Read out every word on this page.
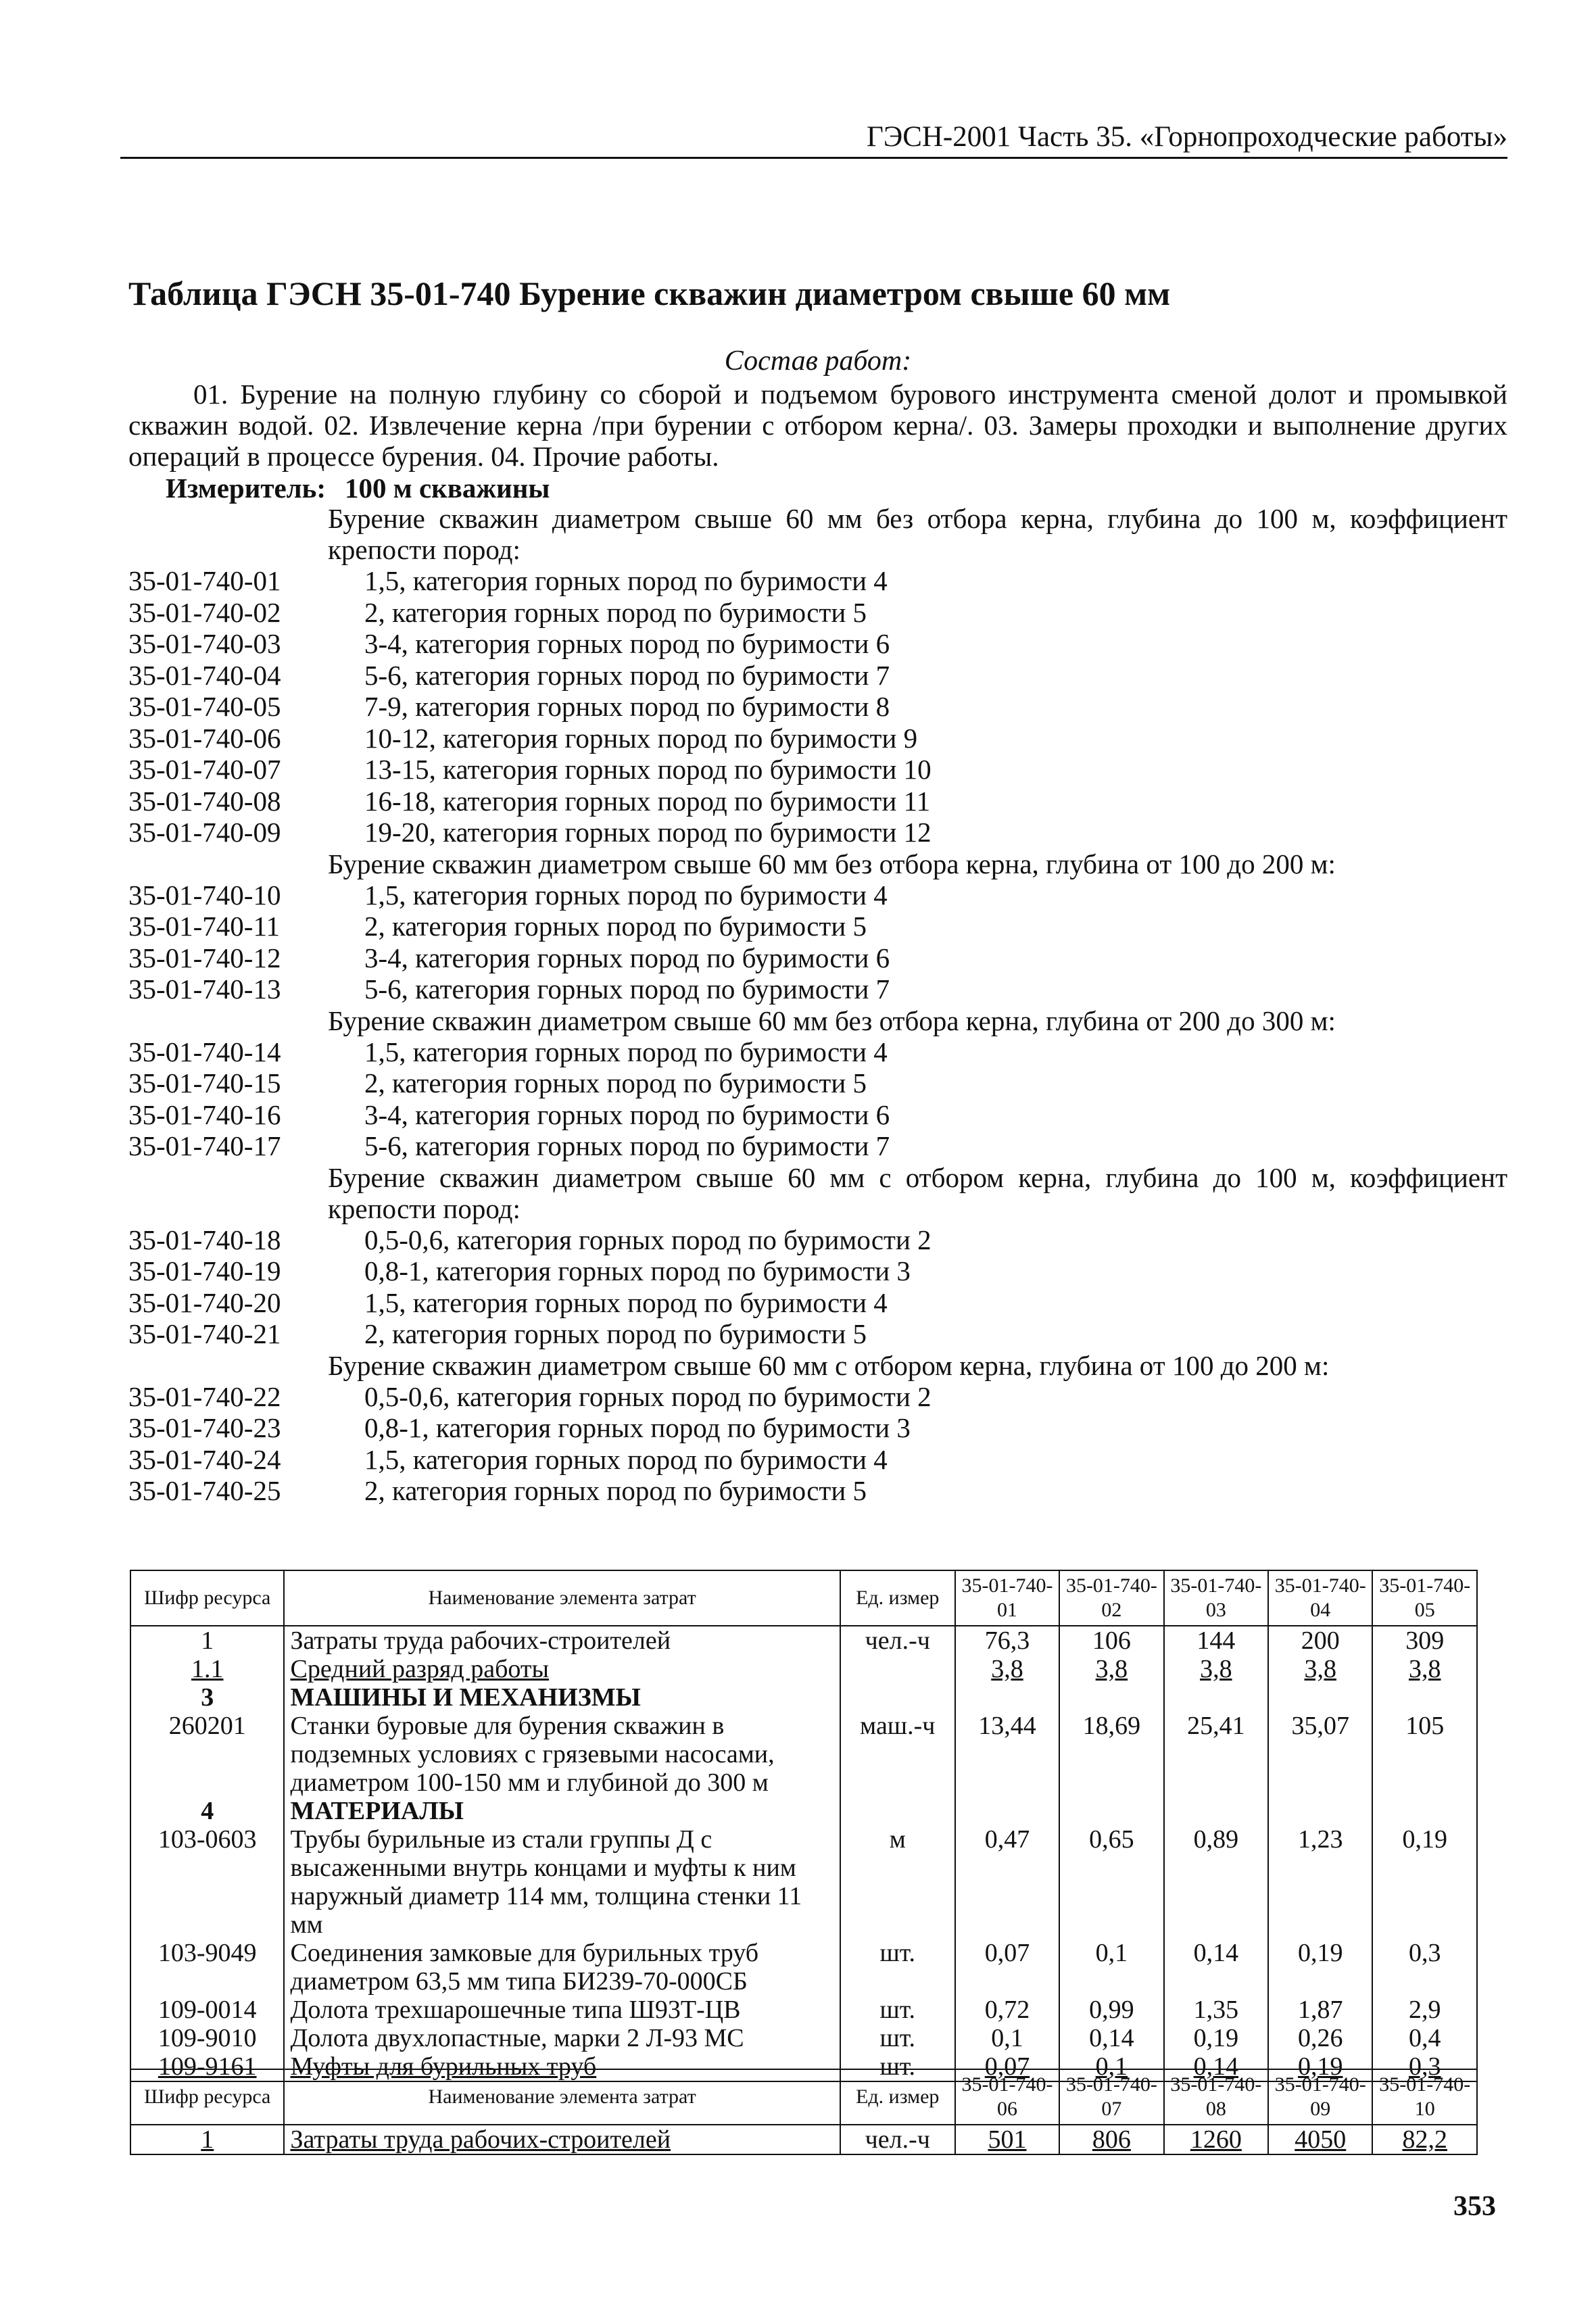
ГЭСН-2001 Часть 35. «Горнопроходческие работы»
Таблица ГЭСН 35-01-740 Бурение скважин диаметром свыше 60 мм
Состав работ:
01. Бурение на полную глубину со сборой и подъемом бурового инструмента сменой долот и промывкой скважин водой. 02. Извлечение керна /при бурении с отбором керна/. 03. Замеры проходки и выполнение других операций в процессе бурения. 04. Прочие работы.
Измеритель: 100 м скважины
Бурение скважин диаметром свыше 60 мм без отбора керна, глубина до 100 м, коэффициент крепости пород:
35-01-740-01	1,5, категория горных пород по буримости 4
35-01-740-02	2, категория горных пород по буримости 5
35-01-740-03	3-4, категория горных пород по буримости 6
35-01-740-04	5-6, категория горных пород по буримости 7
35-01-740-05	7-9, категория горных пород по буримости 8
35-01-740-06	10-12, категория горных пород по буримости 9
35-01-740-07	13-15, категория горных пород по буримости 10
35-01-740-08	16-18, категория горных пород по буримости 11
35-01-740-09	19-20, категория горных пород по буримости 12
Бурение скважин диаметром свыше 60 мм без отбора керна, глубина от 100 до 200 м:
35-01-740-10	1,5, категория горных пород по буримости 4
35-01-740-11	2, категория горных пород по буримости 5
35-01-740-12	3-4, категория горных пород по буримости 6
35-01-740-13	5-6, категория горных пород по буримости 7
Бурение скважин диаметром свыше 60 мм без отбора керна, глубина от 200 до 300 м:
35-01-740-14	1,5, категория горных пород по буримости 4
35-01-740-15	2, категория горных пород по буримости 5
35-01-740-16	3-4, категория горных пород по буримости 6
35-01-740-17	5-6, категория горных пород по буримости 7
Бурение скважин диаметром свыше 60 мм с отбором керна, глубина до 100 м, коэффициент крепости пород:
35-01-740-18	0,5-0,6, категория горных пород по буримости 2
35-01-740-19	0,8-1, категория горных пород по буримости 3
35-01-740-20	1,5, категория горных пород по буримости 4
35-01-740-21	2, категория горных пород по буримости 5
Бурение скважин диаметром свыше 60 мм с отбором керна, глубина от 100 до 200 м:
35-01-740-22	0,5-0,6, категория горных пород по буримости 2
35-01-740-23	0,8-1, категория горных пород по буримости 3
35-01-740-24	1,5, категория горных пород по буримости 4
35-01-740-25	2, категория горных пород по буримости 5
Шифр ресурса	Наименование элемента затрат	Ед. измер	35-01-740-01	35-01-740-02	35-01-740-03	35-01-740-04	35-01-740-05
1	Затраты труда рабочих-строителей	чел.-ч	76,3	106	144	200	309
1.1	Средний разряд работы		3,8	3,8	3,8	3,8	3,8
3	МАШИНЫ И МЕХАНИЗМЫ						
260201	Станки буровые для бурения скважин в подземных условиях с грязевыми насосами, диаметром 100-150 мм и глубиной до 300 м	маш.-ч	13,44	18,69	25,41	35,07	105
4	МАТЕРИАЛЫ						
103-0603	Трубы бурильные из стали группы Д с высаженными внутрь концами и муфты к ним наружный диаметр 114 мм, толщина стенки 11 мм	м	0,47	0,65	0,89	1,23	0,19
103-9049	Соединения замковые для бурильных труб диаметром 63,5 мм типа БИ239-70-000СБ	шт.	0,07	0,1	0,14	0,19	0,3
109-0014	Долота трехшарошечные типа Ш93Т-ЦВ	шт.	0,72	0,99	1,35	1,87	2,9
109-9010	Долота двухлопастные, марки 2 Л-93 МС	шт.	0,1	0,14	0,19	0,26	0,4
109-9161	Муфты для бурильных труб	шт.	0,07	0,1	0,14	0,19	0,3
Шифр ресурса	Наименование элемента затрат	Ед. измер	35-01-740-06	35-01-740-07	35-01-740-08	35-01-740-09	35-01-740-10
1	Затраты труда рабочих-строителей	чел.-ч	501	806	1260	4050	82,2
353
